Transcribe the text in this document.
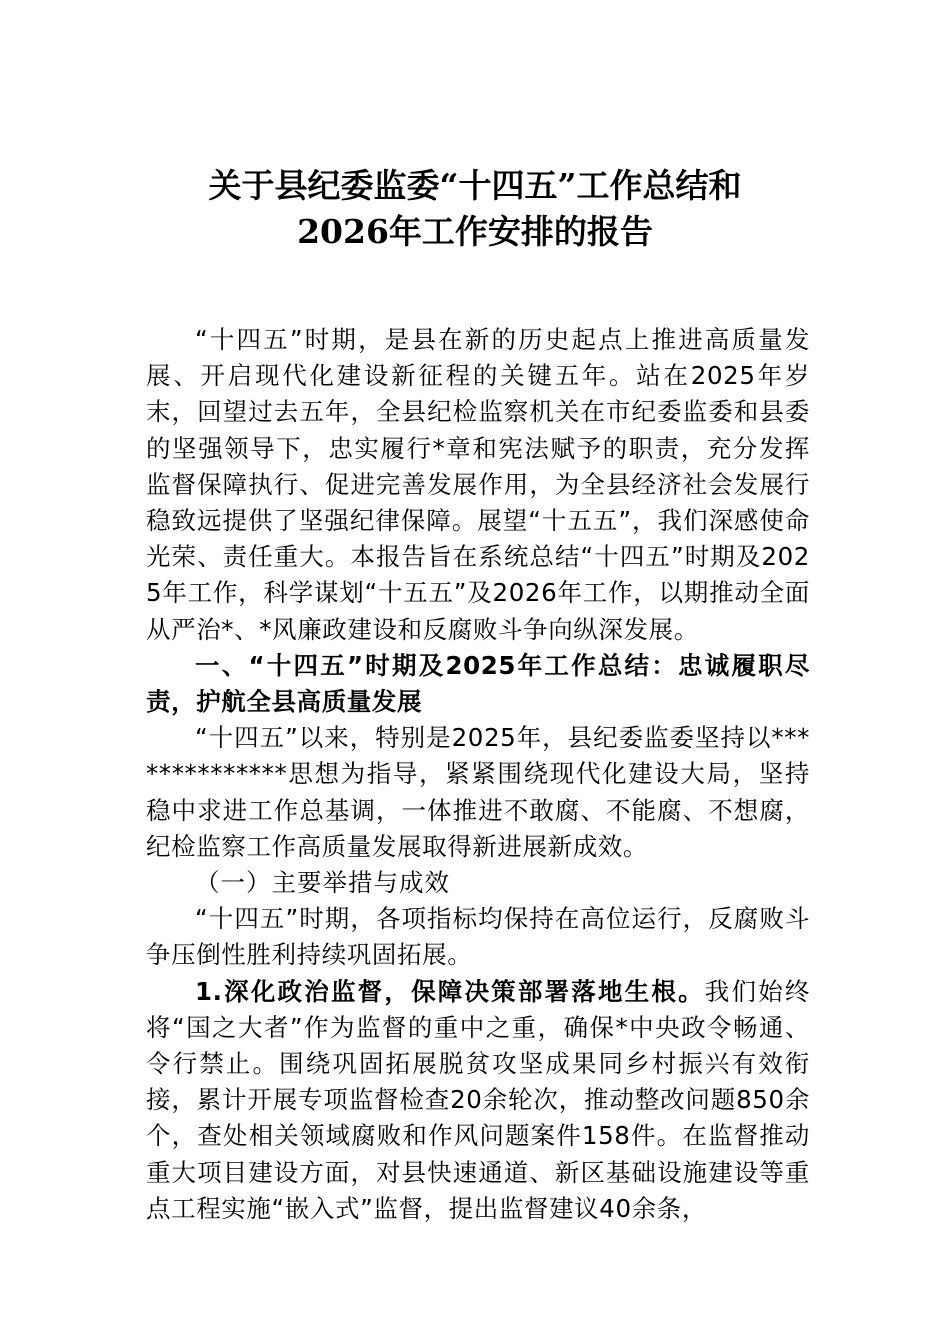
关于县纪委监委“十四五”工作总结和
2026年工作安排的报告

“十四五”时期，是县在新的历史起点上推进高质量发展、开启现代化建设新征程的关键五年。站在2025年岁末，回望过去五年，全县纪检监察机关在市纪委监委和县委的坚强领导下，忠实履行*章和宪法赋予的职责，充分发挥监督保障执行、促进完善发展作用，为全县经济社会发展行稳致远提供了坚强纪律保障。展望“十五五”，我们深感使命光荣、责任重大。本报告旨在系统总结“十四五”时期及2025年工作，科学谋划“十五五”及2026年工作，以期推动全面从严治*、*风廉政建设和反腐败斗争向纵深发展。

一、“十四五”时期及2025年工作总结：忠诚履职尽责，护航全县高质量发展

“十四五”以来，特别是2025年，县纪委监委坚持以**************思想为指导，紧紧围绕现代化建设大局，坚持稳中求进工作总基调，一体推进不敢腐、不能腐、不想腐，纪检监察工作高质量发展取得新进展新成效。

（一）主要举措与成效

“十四五”时期，各项指标均保持在高位运行，反腐败斗争压倒性胜利持续巩固拓展。

1.深化政治监督，保障决策部署落地生根。我们始终将“国之大者”作为监督的重中之重，确保*中央政令畅通、令行禁止。围绕巩固拓展脱贫攻坚成果同乡村振兴有效衔接，累计开展专项监督检查20余轮次，推动整改问题850余个，查处相关领域腐败和作风问题案件158件。在监督推动重大项目建设方面，对县快速通道、新区基础设施建设等重点工程实施“嵌入式”监督，提出监督建议40余条，
